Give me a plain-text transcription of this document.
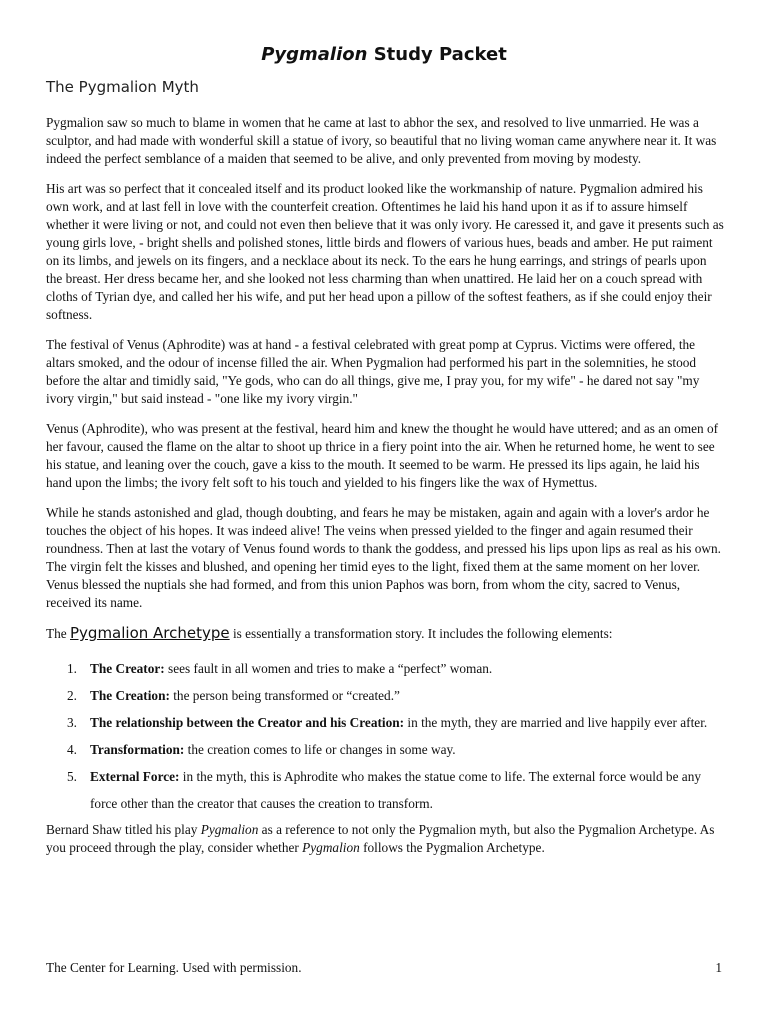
Pygmalion Study Packet
The Pygmalion Myth

Pygmalion saw so much to blame in women that he came at last to abhor the sex, and resolved to live unmarried. He was a sculptor, and had made with wonderful skill a statue of ivory, so beautiful that no living woman came anywhere near it. It was indeed the perfect semblance of a maiden that seemed to be alive, and only prevented from moving by modesty.

His art was so perfect that it concealed itself and its product looked like the workmanship of nature. Pygmalion admired his own work, and at last fell in love with the counterfeit creation. Oftentimes he laid his hand upon it as if to assure himself whether it were living or not, and could not even then believe that it was only ivory. He caressed it, and gave it presents such as young girls love, - bright shells and polished stones, little birds and flowers of various hues, beads and amber. He put raiment on its limbs, and jewels on its fingers, and a necklace about its neck. To the ears he hung earrings, and strings of pearls upon the breast. Her dress became her, and she looked not less charming than when unattired. He laid her on a couch spread with cloths of Tyrian dye, and called her his wife, and put her head upon a pillow of the softest feathers, as if she could enjoy their softness.

The festival of Venus (Aphrodite) was at hand - a festival celebrated with great pomp at Cyprus. Victims were offered, the altars smoked, and the odour of incense filled the air. When Pygmalion had performed his part in the solemnities, he stood before the altar and timidly said, "Ye gods, who can do all things, give me, I pray you, for my wife" - he dared not say "my ivory virgin," but said instead - "one like my ivory virgin."

Venus (Aphrodite), who was present at the festival, heard him and knew the thought he would have uttered; and as an omen of her favour, caused the flame on the altar to shoot up thrice in a fiery point into the air. When he returned home, he went to see his statue, and leaning over the couch, gave a kiss to the mouth. It seemed to be warm. He pressed its lips again, he laid his hand upon the limbs; the ivory felt soft to his touch and yielded to his fingers like the wax of Hymettus.

While he stands astonished and glad, though doubting, and fears he may be mistaken, again and again with a lover's ardor he touches the object of his hopes. It was indeed alive! The veins when pressed yielded to the finger and again resumed their roundness. Then at last the votary of Venus found words to thank the goddess, and pressed his lips upon lips as real as his own. The virgin felt the kisses and blushed, and opening her timid eyes to the light, fixed them at the same moment on her lover. Venus blessed the nuptials she had formed, and from this union Paphos was born, from whom the city, sacred to Venus, received its name.

The Pygmalion Archetype is essentially a transformation story. It includes the following elements:

1. The Creator: sees fault in all women and tries to make a “perfect” woman.
2. The Creation: the person being transformed or “created.”
3. The relationship between the Creator and his Creation: in the myth, they are married and live happily ever after.
4. Transformation: the creation comes to life or changes in some way.
5. External Force: in the myth, this is Aphrodite who makes the statue come to life. The external force would be any force other than the creator that causes the creation to transform.

Bernard Shaw titled his play Pygmalion as a reference to not only the Pygmalion myth, but also the Pygmalion Archetype. As you proceed through the play, consider whether Pygmalion follows the Pygmalion Archetype.

The Center for Learning. Used with permission.	1
